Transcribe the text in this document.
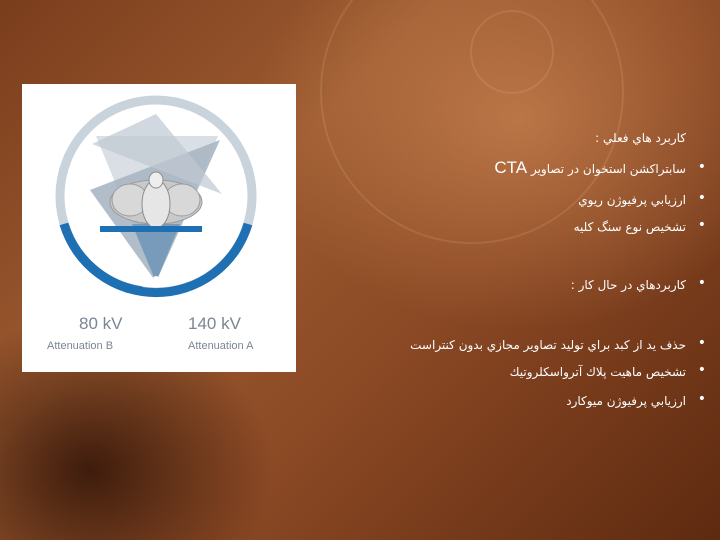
80 kV
Attenuation B
140 kV
Attenuation A
كاربرد هاي فعلي :
سابتراكشن استخوان در تصاوير CTA	•
ارزيابي پرفيوژن ريوي •
تشخيص نوع سنگ كليه •
كاربردهاي در حال كار : •
حذف يد از كبد براي توليد تصاوير مجازي بدون كنتراست •
تشخيص ماهيت پلاك آترواسكلروتيك •
ارزيابي پرفيوژن ميوكارد •
